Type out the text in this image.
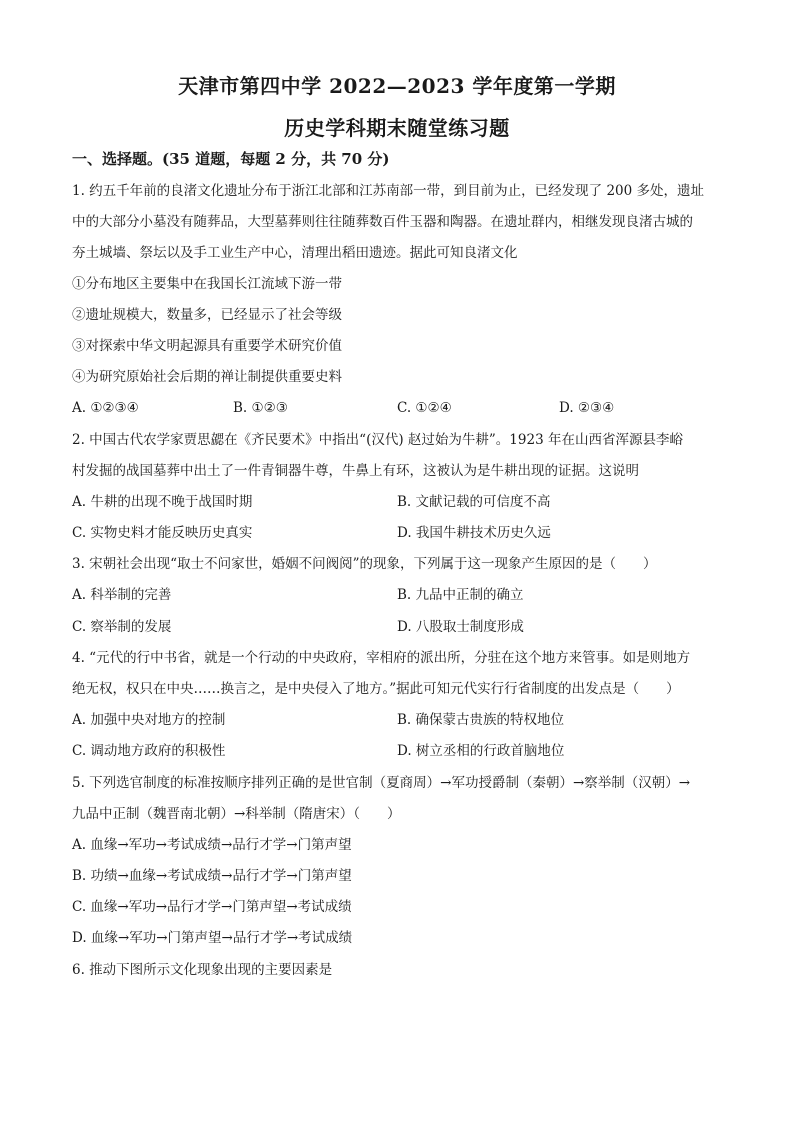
天津市第四中学 2022—2023 学年度第一学期
历史学科期末随堂练习题
一、选择题。(35 道题，每题 2 分，共 70 分)
1. 约五千年前的良渚文化遗址分布于浙江北部和江苏南部一带，到目前为止，已经发现了 200 多处，遗址
中的大部分小墓没有随葬品，大型墓葬则往往随葬数百件玉器和陶器。在遗址群内，相继发现良渚古城的
夯土城墙、祭坛以及手工业生产中心，清理出稻田遗迹。据此可知良渚文化
①分布地区主要集中在我国长江流域下游一带
②遗址规模大，数量多，已经显示了社会等级
③对探索中华文明起源具有重要学术研究价值
④为研究原始社会后期的禅让制提供重要史料
A. ①②③④	B. ①②③	C. ①②④	D. ②③④
2. 中国古代农学家贾思勰在《齐民要术》中指出“(汉代) 赵过始为牛耕”。1923 年在山西省浑源县李峪
村发掘的战国墓葬中出土了一件青铜器牛尊，牛鼻上有环，这被认为是牛耕出现的证据。这说明
A. 牛耕的出现不晚于战国时期	B. 文献记载的可信度不高
C. 实物史料才能反映历史真实	D. 我国牛耕技术历史久远
3. 宋朝社会出现“取士不问家世，婚姻不问阀阅”的现象，下列属于这一现象产生原因的是（　　）
A. 科举制的完善	B. 九品中正制的确立
C. 察举制的发展	D. 八股取士制度形成
4. “元代的行中书省，就是一个行动的中央政府，宰相府的派出所，分驻在这个地方来管事。如是则地方
绝无权，权只在中央……换言之，是中央侵入了地方。”据此可知元代实行行省制度的出发点是（　　）
A. 加强中央对地方的控制	B. 确保蒙古贵族的特权地位
C. 调动地方政府的积极性	D. 树立丞相的行政首脑地位
5. 下列选官制度的标准按顺序排列正确的是世官制（夏商周）→军功授爵制（秦朝）→察举制（汉朝）→
九品中正制（魏晋南北朝）→科举制（隋唐宋）（　　）
A. 血缘→军功→考试成绩→品行才学→门第声望
B. 功绩→血缘→考试成绩→品行才学→门第声望
C. 血缘→军功→品行才学→门第声望→考试成绩
D. 血缘→军功→门第声望→品行才学→考试成绩
6. 推动下图所示文化现象出现的主要因素是
